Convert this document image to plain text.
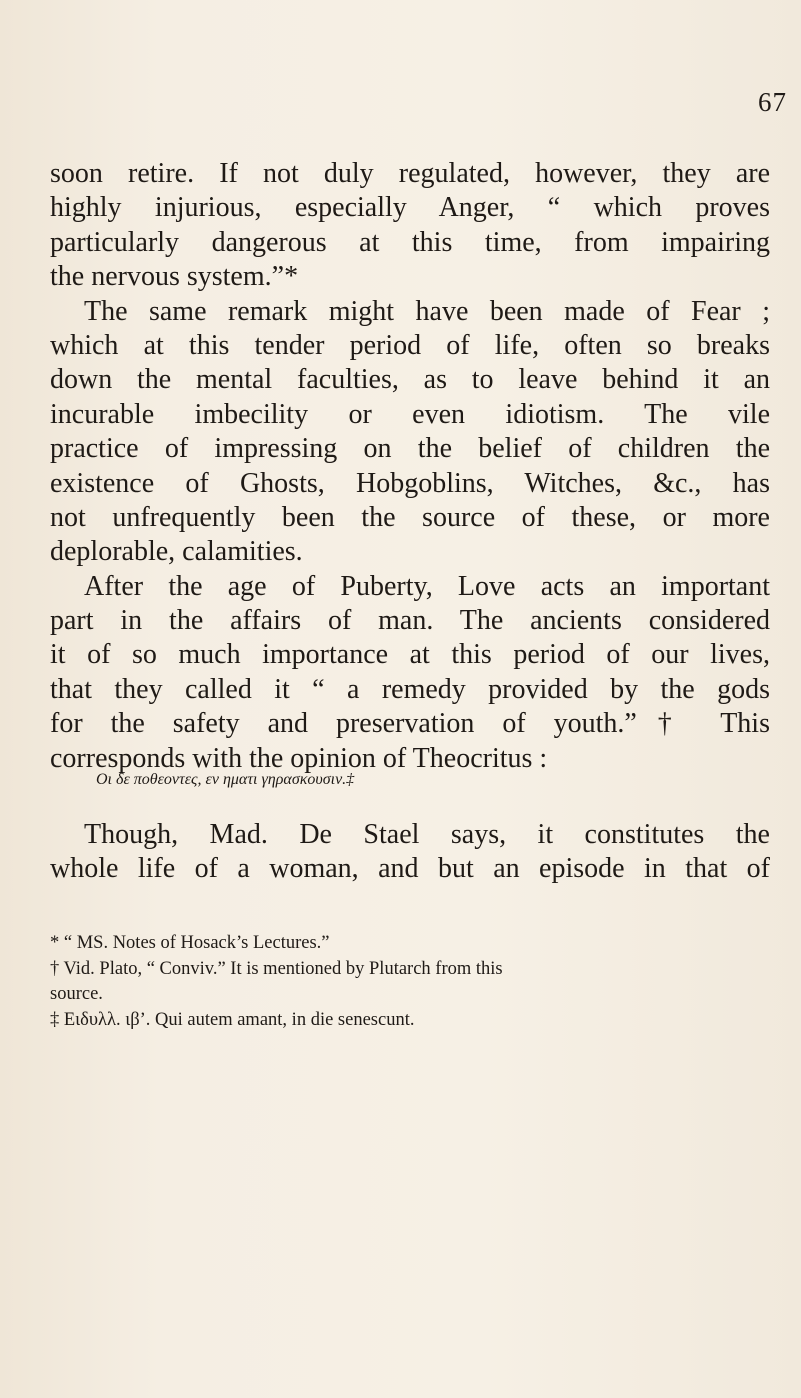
67
soon retire. If not duly regulated, however, they are
highly injurious, especially Anger, “ which proves
particularly dangerous at this time, from impairing
the nervous system.”*
The same remark might have been made of Fear ;
which at this tender period of life, often so breaks
down the mental faculties, as to leave behind it an
incurable imbecility or even idiotism. The vile
practice of impressing on the belief of children the
existence of Ghosts, Hobgoblins, Witches, &c., has
not unfrequently been the source of these, or more
deplorable, calamities.
After the age of Puberty, Love acts an important
part in the affairs of man. The ancients considered
it of so much importance at this period of our lives,
that they called it “ a remedy provided by the gods
for the safety and preservation of youth.”† This
corresponds with the opinion of Theocritus :
Οι δε ποθεοντες, εν ηματι γηρασκουσιν.‡
Though, Mad. De Stael says, it constitutes the
whole life of a woman, and but an episode in that of
* “ MS. Notes of Hosack’s Lectures.”
† Vid. Plato, “ Conviv.” It is mentioned by Plutarch from this
source.
‡ Ειδυλλ. ιβ’. Qui autem amant, in die senescunt.
